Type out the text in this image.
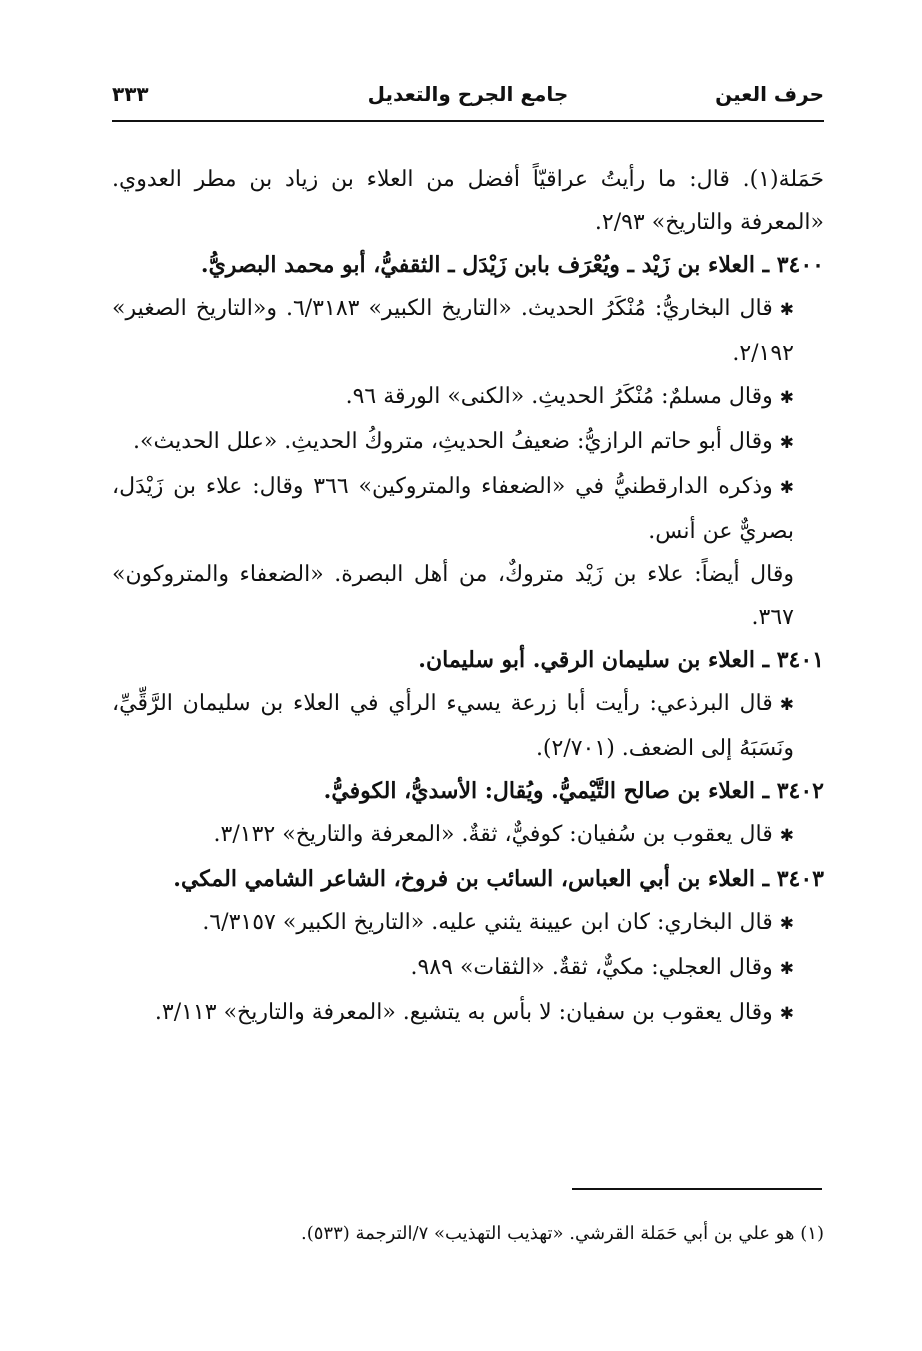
حرف العين
جامع الجرح والتعديل
٣٣٣

حَمَلة(١). قال: ما رأيتُ عراقيّاً أفضل من العلاء بن زياد بن مطر العدوي. «المعرفة والتاريخ» ٢/٩٣.

٣٤٠٠ ـ العلاء بن زَيْد ـ ويُعْرَف بابن زَيْدَل ـ الثقفيُّ، أبو محمد البصريُّ.

✱قال البخاريُّ: مُنْكَرُ الحديث. «التاريخ الكبير» ٦/٣١٨٣. و«التاريخ الصغير» ٢/١٩٢.

✱وقال مسلمٌ: مُنْكَرُ الحديثِ. «الكنى» الورقة ٩٦.

✱وقال أبو حاتم الرازيُّ: ضعيفُ الحديثِ، متروكُ الحديثِ. «علل الحديث».

✱وذكره الدارقطنيُّ في «الضعفاء والمتروكين» ٣٦٦ وقال: علاء بن زَيْدَل، بصريٌّ عن أنس.

وقال أيضاً: علاء بن زَيْد متروكٌ، من أهل البصرة. «الضعفاء والمتروكون» ٣٦٧.

٣٤٠١ ـ العلاء بن سليمان الرقي. أبو سليمان.

✱قال البرذعي: رأيت أبا زرعة يسيء الرأي في العلاء بن سليمان الرَّقِّيِّ، ونَسَبَهُ إلى الضعف. (٢/٧٠١).

٣٤٠٢ ـ العلاء بن صالح التَّيْميُّ. ويُقال: الأسديُّ، الكوفيُّ.

✱قال يعقوب بن سُفيان: كوفيٌّ، ثقةٌ. «المعرفة والتاريخ» ٣/١٣٢.

٣٤٠٣ ـ العلاء بن أبي العباس، السائب بن فروخ، الشاعر الشامي المكي.

✱قال البخاري: كان ابن عيينة يثني عليه. «التاريخ الكبير» ٦/٣١٥٧.

✱وقال العجلي: مكيٌّ، ثقةٌ. «الثقات» ٩٨٩.

✱وقال يعقوب بن سفيان: لا بأس به يتشيع. «المعرفة والتاريخ» ٣/١١٣.

(١) هو علي بن أبي حَمَلة القرشي. «تهذيب التهذيب» ٧/الترجمة (٥٣٣).
